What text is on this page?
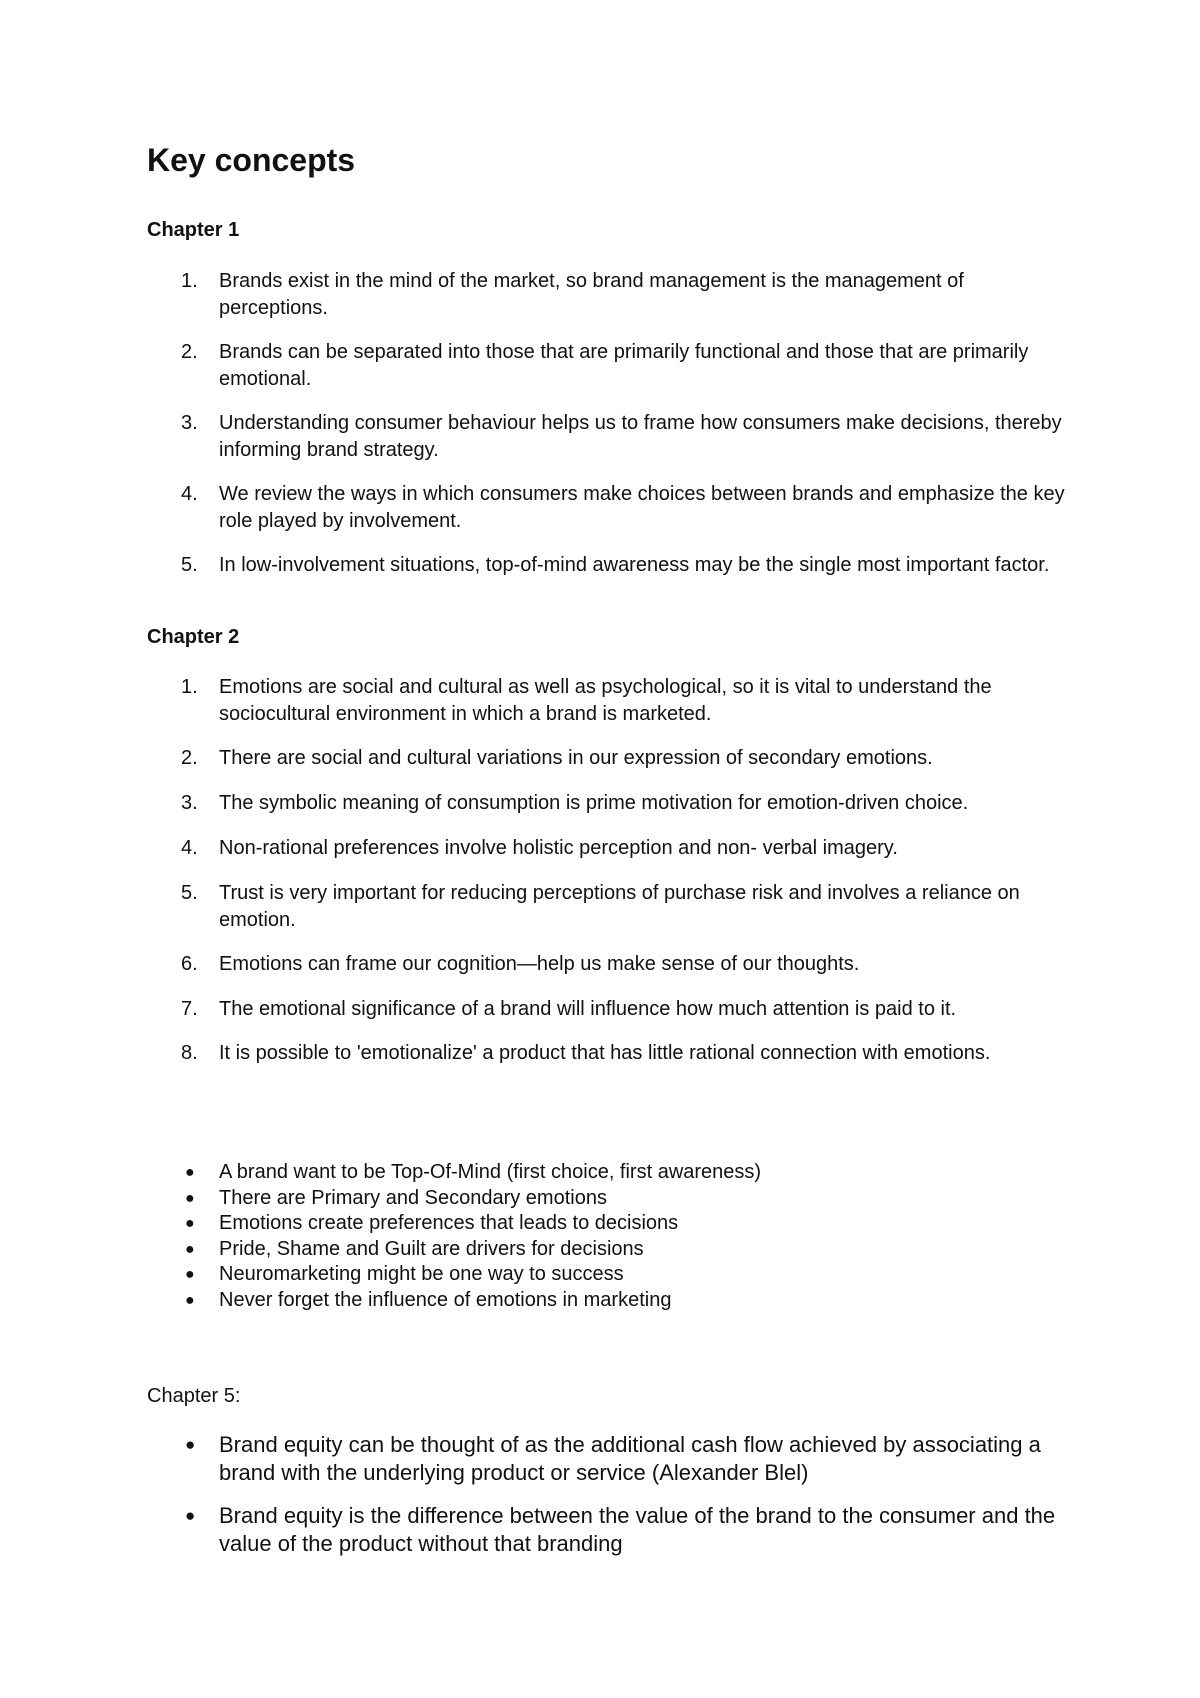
Key concepts
Chapter 1
1.	Brands exist in the mind of the market, so brand management is the management of perceptions.
2.	Brands can be separated into those that are primarily functional and those that are primarily emotional.
3.	Understanding consumer behaviour helps us to frame how consumers make decisions, thereby informing brand strategy.
4.	We review the ways in which consumers make choices between brands and emphasize the key role played by involvement.
5.	In low-involvement situations, top-of-mind awareness may be the single most important factor.
Chapter 2
1.	Emotions are social and cultural as well as psychological, so it is vital to understand the sociocultural environment in which a brand is marketed.
2.	There are social and cultural variations in our expression of secondary emotions.
3.	The symbolic meaning of consumption is prime motivation for emotion-driven choice.
4.	Non-rational preferences involve holistic perception and non- verbal imagery.
5.	Trust is very important for reducing perceptions of purchase risk and involves a reliance on emotion.
6.	Emotions can frame our cognition—help us make sense of our thoughts.
7.	The emotional significance of a brand will influence how much attention is paid to it.
8.	It is possible to 'emotionalize' a product that has little rational connection with emotions.
● A brand want to be Top-Of-Mind (first choice, first awareness)
● There are Primary and Secondary emotions
● Emotions create preferences that leads to decisions
● Pride, Shame and Guilt are drivers for decisions
● Neuromarketing might be one way to success
● Never forget the influence of emotions in marketing

Chapter 5:

● Brand equity can be thought of as the additional cash flow achieved by associating a brand with the underlying product or service (Alexander Blel)
● Brand equity is the difference between the value of the brand to the consumer and the value of the product without that branding
